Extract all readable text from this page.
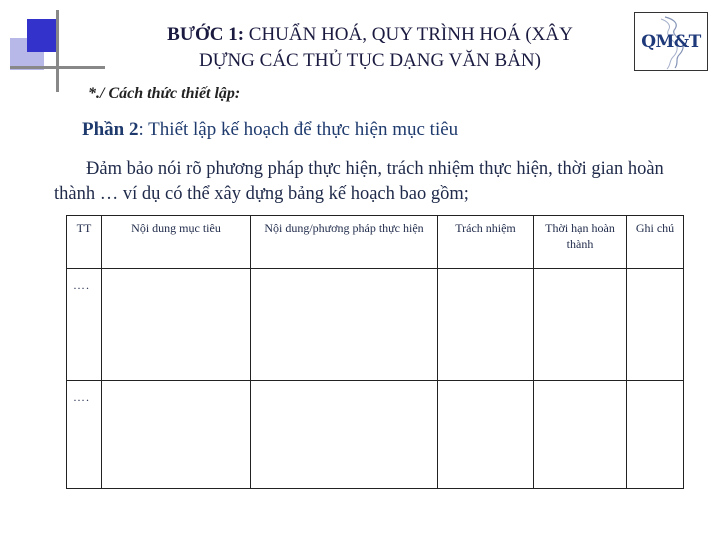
BƯỚC 1: CHUẨN HOÁ, QUY TRÌNH HOÁ (XÂY
DỰNG CÁC THỦ TỤC DẠNG VĂN BẢN)
QM&T
*./ Cách thức thiết lập:
Phần 2: Thiết lập kế hoạch để thực hiện mục tiêu
Đảm bảo nói rõ phương pháp thực hiện, trách nhiệm thực hiện, thời gian hoàn thành … ví dụ có thể xây dựng bảng kế hoạch bao gồm;
TT	Nội dung mục tiêu	Nội dung/phương pháp thực hiện	Trách nhiệm	Thời hạn hoàn thành	Ghi chú
….					
….					
